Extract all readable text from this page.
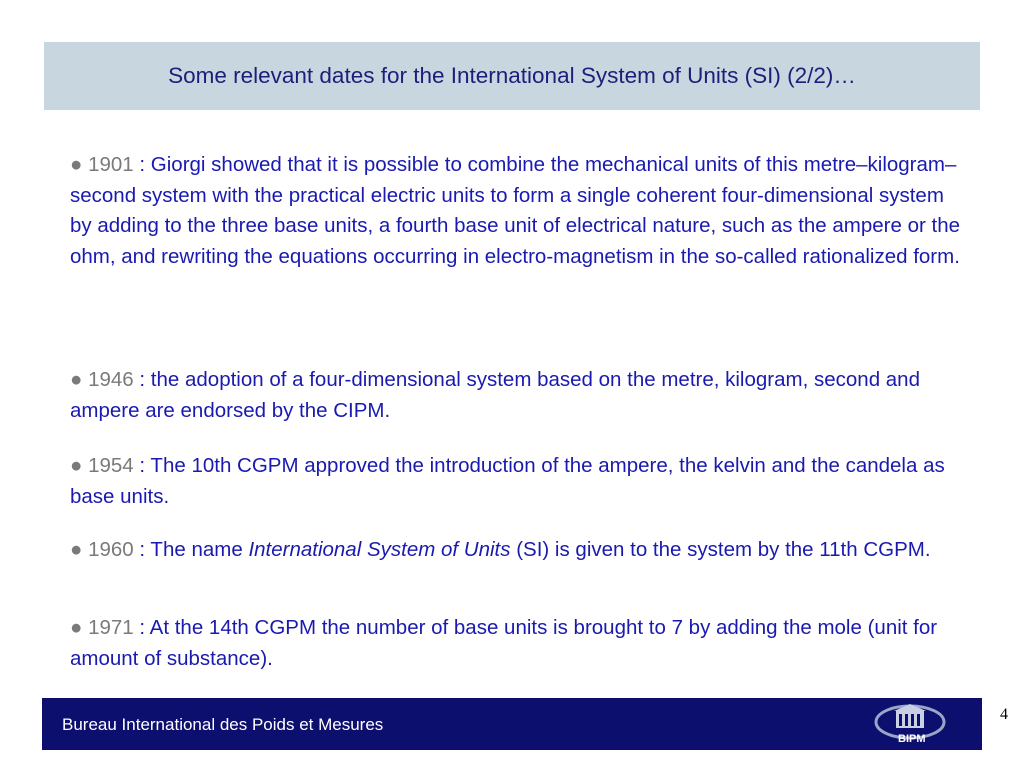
Some relevant dates for the International System of Units (SI) (2/2)…
● 1901 : Giorgi showed that it is possible to combine the mechanical units of this metre–kilogram–second system with the practical electric units to form a single coherent four-dimensional system by adding to the three base units, a fourth base unit of electrical nature, such as the ampere or the ohm, and rewriting the equations occurring in electro-magnetism in the so-called rationalized form.
● 1946 : the adoption of a four-dimensional system based on the metre, kilogram, second and ampere are endorsed by the CIPM.
● 1954 : The 10th CGPM approved the introduction of the ampere, the kelvin and the candela as base units.
● 1960 : The name International System of Units (SI) is given to the system by the 11th CGPM.
● 1971 : At the 14th CGPM the number of base units is brought to 7 by adding the mole (unit for amount of substance).
Bureau International des Poids et Mesures
BIPM
4
